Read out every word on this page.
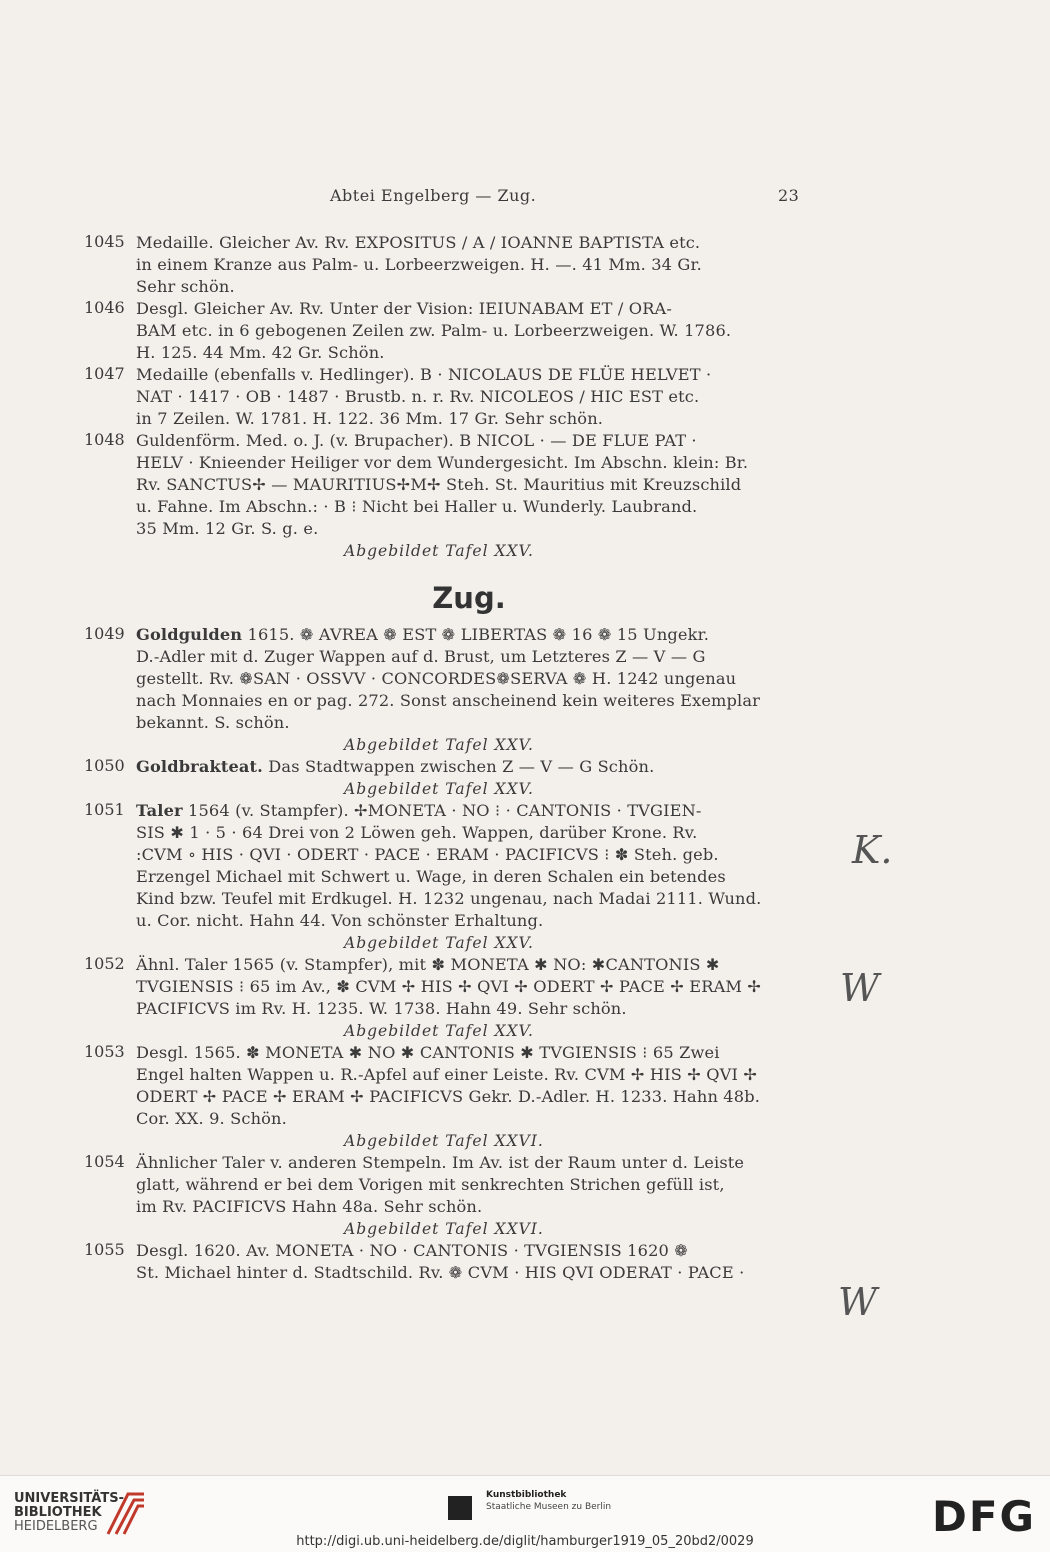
Abtei Engelberg — Zug.	23
1045 Medaille. Gleicher Av. Rv. EXPOSITUS / A / IOANNE BAPTISTA etc.
in einem Kranze aus Palm- u. Lorbeerzweigen. H. —. 41 Mm. 34 Gr.
Sehr schön.
1046 Desgl. Gleicher Av. Rv. Unter der Vision: IEIUNABAM ET / ORA-
BAM etc. in 6 gebogenen Zeilen zw. Palm- u. Lorbeerzweigen. W. 1786.
H. 125. 44 Mm. 42 Gr. Schön.
1047 Medaille (ebenfalls v. Hedlinger). B · NICOLAUS DE FLÜE HELVET ·
NAT · 1417 · OB · 1487 · Brustb. n. r. Rv. NICOLEOS / HIC EST etc.
in 7 Zeilen. W. 1781. H. 122. 36 Mm. 17 Gr. Sehr schön.
1048 Guldenförm. Med. o. J. (v. Brupacher). B NICOL · — DE FLUE PAT ·
HELV · Knieender Heiliger vor dem Wundergesicht. Im Abschn. klein: Br.
Rv. SANCTUS✢ — MAURITIUS✢M✢ Steh. St. Mauritius mit Kreuzschild
u. Fahne. Im Abschn.: · B ⁝ Nicht bei Haller u. Wunderly. Laubrand.
35 Mm. 12 Gr. S. g. e.
Abgebildet Tafel XXV.
Zug.
1049 Goldgulden 1615. ❁ AVREA ❁ EST ❁ LIBERTAS ❁ 16 ❁ 15 Ungekr.
D.-Adler mit d. Zuger Wappen auf d. Brust, um Letzteres Z — V — G
gestellt. Rv. ❁SAN · OSSVV · CONCORDES❁SERVA ❁ H. 1242 ungenau
nach Monnaies en or pag. 272. Sonst anscheinend kein weiteres Exemplar
bekannt. S. schön.
Abgebildet Tafel XXV.
1050 Goldbrakteat. Das Stadtwappen zwischen Z — V — G Schön.
Abgebildet Tafel XXV.
1051 Taler 1564 (v. Stampfer). ✢MONETA · NO ⁝ · CANTONIS · TVGIEN-
SIS ✱ 1 · 5 · 64 Drei von 2 Löwen geh. Wappen, darüber Krone. Rv.
:CVM ∘ HIS · QVI · ODERT · PACE · ERAM · PACIFICVS ⁝ ✽ Steh. geb.
Erzengel Michael mit Schwert u. Wage, in deren Schalen ein betendes
Kind bzw. Teufel mit Erdkugel. H. 1232 ungenau, nach Madai 2111. Wund.
u. Cor. nicht. Hahn 44. Von schönster Erhaltung.
Abgebildet Tafel XXV.
1052 Ähnl. Taler 1565 (v. Stampfer), mit ✽ MONETA ✱ NO: ✱CANTONIS ✱
TVGIENSIS ⁝ 65 im Av., ✽ CVM ✢ HIS ✢ QVI ✢ ODERT ✢ PACE ✢ ERAM ✢
PACIFICVS im Rv. H. 1235. W. 1738. Hahn 49. Sehr schön.
Abgebildet Tafel XXV.
1053 Desgl. 1565. ✽ MONETA ✱ NO ✱ CANTONIS ✱ TVGIENSIS ⁝ 65 Zwei
Engel halten Wappen u. R.-Apfel auf einer Leiste. Rv. CVM ✢ HIS ✢ QVI ✢
ODERT ✢ PACE ✢ ERAM ✢ PACIFICVS Gekr. D.-Adler. H. 1233. Hahn 48b.
Cor. XX. 9. Schön.
Abgebildet Tafel XXVI.
1054 Ähnlicher Taler v. anderen Stempeln. Im Av. ist der Raum unter d. Leiste
glatt, während er bei dem Vorigen mit senkrechten Strichen gefüll ist,
im Rv. PACIFICVS Hahn 48a. Sehr schön.
Abgebildet Tafel XXVI.
1055 Desgl. 1620. Av. MONETA · NO · CANTONIS · TVGIENSIS 1620 ❁
St. Michael hinter d. Stadtschild. Rv. ❁ CVM · HIS QVI ODERAT · PACE ·
K.
W
W
UNIVERSITÄTS-
BIBLIOTHEK
HEIDELBERG
Kunstbibliothek
Staatliche Museen zu Berlin	DFG
http://digi.ub.uni-heidelberg.de/diglit/hamburger1919_05_20bd2/0029
